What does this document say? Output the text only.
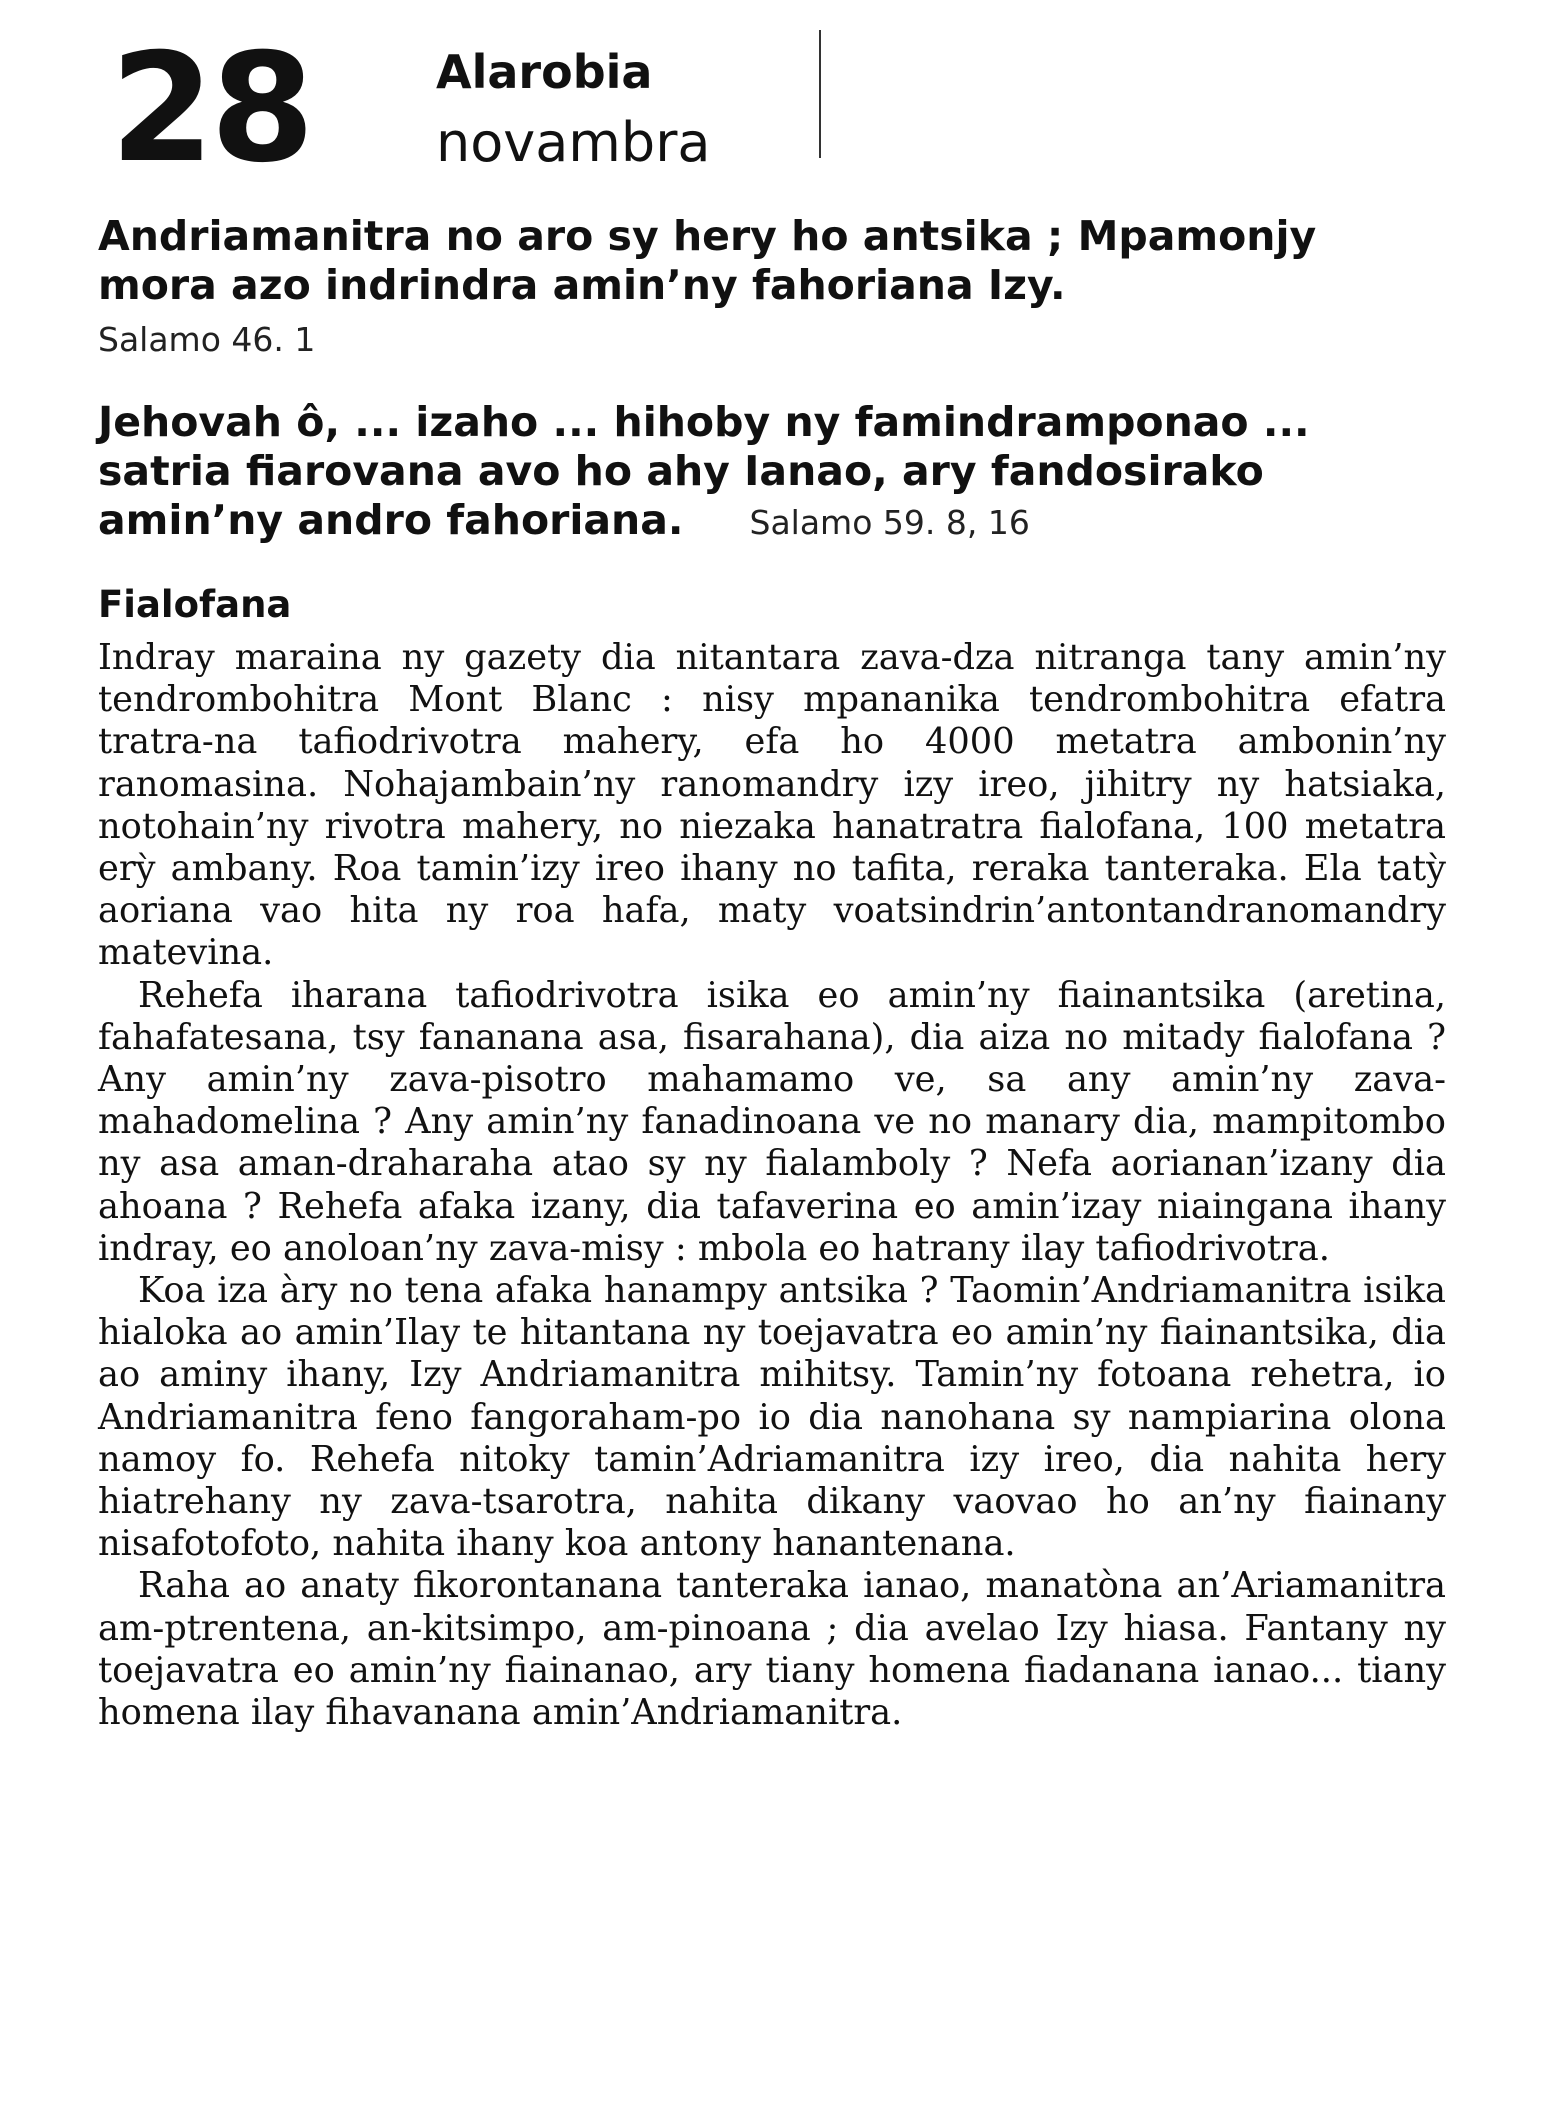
28	Alarobia
novambra
Andriamanitra no aro sy hery ho antsika ; Mpamonjy mora azo indrindra amin’ny fahoriana Izy.
Salamo 46. 1
Jehovah ô, ... izaho ... hihoby ny famindramponao ... satria fiarovana avo ho ahy Ianao, ary fandosirako amin’ny andro fahoriana. Salamo 59. 8, 16
Fialofana

Indray maraina ny gazety dia nitantara zava-dza nitranga tany amin’ny tendrombohitra Mont Blanc : nisy mpananika tendrombohitra efatra tratra-na tafiodrivotra mahery, efa ho 4000 metatra ambonin’ny ranomasina. Nohajambain’ny ranomandry izy ireo, jihitry ny hatsiaka, notohain’ny rivotra mahery, no niezaka hanatratra fialofana, 100 metatra erỳ ambany. Roa tamin’izy ireo ihany no tafita, reraka tanteraka. Ela tatỳ aoriana vao hita ny roa hafa, maty voatsindrin’antontandranomandry matevina.

Rehefa iharana tafiodrivotra isika eo amin’ny fiainantsika (aretina, fahafatesana, tsy fananana asa, fisarahana), dia aiza no mitady fialofana ? Any amin’ny zava-pisotro mahamamo ve, sa any amin’ny zava-mahadomelina ? Any amin’ny fanadinoana ve no manary dia, mampitombo ny asa aman-draharaha atao sy ny fialamboly ? Nefa aorianan’izany dia ahoana ? Rehefa afaka izany, dia tafaverina eo amin’izay niaingana ihany indray, eo anoloan’ny zava-misy : mbola eo hatrany ilay tafiodrivotra.

Koa iza àry no tena afaka hanampy antsika ? Taomin’Andriamanitra isika hialoka ao amin’Ilay te hitantana ny toejavatra eo amin’ny fiainantsika, dia ao aminy ihany, Izy Andriamanitra mihitsy. Tamin’ny fotoana rehetra, io Andriamanitra feno fangoraham-po io dia nanohana sy nampiarina olona namoy fo. Rehefa nitoky tamin’Adriamanitra izy ireo, dia nahita hery hiatrehany ny zava-tsarotra, nahita dikany vaovao ho an’ny fiainany nisafotofoto, nahita ihany koa antony hanantenana.

Raha ao anaty fikorontanana tanteraka ianao, manatòna an’Ariamanitra am-ptrentena, an-kitsimpo, am-pinoana ; dia avelao Izy hiasa. Fantany ny toejavatra eo amin’ny fiainanao, ary tiany homena fiadanana ianao... tiany homena ilay fihavanana amin’Andriamanitra.
